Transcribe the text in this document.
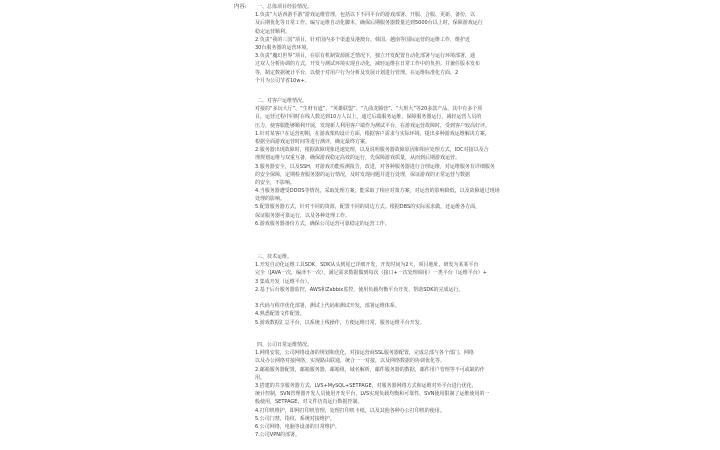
内容:	一、总体项目经验情况。
1.负责“大话西游手游”游戏运维管理，包括以下不同平台的游戏部署、开服、合服、更新、备份，以
及后期优化等日常工作。编写运维自动化脚本，确保后期服务器数量达到5000台以上时，保障游戏运行
稳定运营顺利。
2.负责“我的三国”项目，针对国内多个渠道及港澳台、韩国、越南等国际运营的运维工作，维护近
30台服务器的运营环境。
3.负责“魔幻世界”项目，在原有机制资源匮乏情况下，独立开发配置自动化部署与运行环境部署，通
过双人分析协调的方式，开发与测试环境实现自动化，减轻运维在日常工作中的负担。并兼任版本发布
等，制定数据统计平台，以便于对用户行为分析及发展计划进行管理。在运维标准化方面，2
个月为公司节省10w+。
二、对客户运维情况。
对接的“多玩大厅”、“生财有道”、“英雄联盟”、“九曲龙腾营”、“大班大”等20多款产品，其中有多个项
目，运营过程中同时在线人数达到10万人以上，通过后端服务运维，保障服务器运行，减轻运营人员的
压力，使客服能够顺利开展，发现新人利用客户端作为测试平台，在游戏运营故障时，受到客户较高好评。
1.针对某客户在运营初期，在游戏架构设计方面，根据客户需求与实际环境，提出多种游戏运维解决方案，
根据全面游戏运营时间等进行测评，确定最终方案。
2.服务器出现故障时，根据故障现象迅速处理，以及说明服务器故障原因和相应处理方式，IDC对接以及合
理规划运维与双重互备，确保游戏稳定高效的运行，先保障游戏质量，从而到后期游戏运营。
3.服务器安全，以及SSH，对游戏功能检测报告，改进，对各种服务器进行合理运维，对运维服务有详细服务
的安全保障，定期检查服务器的运行情况，及时发现问题并进行处理，保证游戏的正常运营与数据
的安全，不影响。
4.当服务器遭受DDOS等情况，采取处理方案，能采取了相应对策方案，对运营的影响降低，以及故障通过现场
处理的影响。
5.配置服务器方式，针对不同的资源，配置不同的周边方式。根据DBS的实际需求做，还运维各方面，
保证服务器可靠运行，以及各种处理工作。
6.游戏服务器备份方式，确保公司运营可靠稳定的运营工作。
三、技术运维。
1.开发自动化运维工具SDK，SDK从头到尾已详细开发，开发时间为2天，项目地址，研发为某某平台
完全（JAVA一次，编译不一次），满足需求数据做到每次（接口+一次处理调用）一类平台（运维平台）+
3 集成开发（运维平台）。
2.基于后台服务器监控，AWS和Zabbix监控，使用负载均衡平台开发，帮助SDK的完成运行。
3.代码与程序优化部署，测试上代码和测试开发，部署运维体系。
4.熟悉配置文件配置。
5.游戏数据汇总平台，以系统上线操作，方便运维日常，服务运维平台开发。
四、公司日常运维情况。
1.网络安装，公司网络设备的规划和优化，对接运营商SSL服务器配置，完成总部与各个部门、网络
以及办公网络对接网络，实现路由联通，统合一一对接，以及网络数据的协调优化等。
2.邮箱服务器配置，邮箱服务器，邮箱组，域名解析，邮件服务器的数据，邮件用户管理等不可或缺的作
用。
3.搭建的共享服务器方式，LVS+MySQL+SETPAGE，对服务器网络方式和运维对外平台进行优化，
统计控制，SVN管理器开发人员使用开发平台，LVS实现负载均衡和可靠性，SVN使用限制了运维使用的一
般使用，SETPAGE，对文件仿真运行数据控制。
4.打印机维护，即网打印机管理，处理打印机卡纸，以及其他各种办公打印机的使用。
5.公司门禁，指纹、系统对接维护。
6.公司网络，电脑等设备的日常维护。
7.公司VPN的部署。
